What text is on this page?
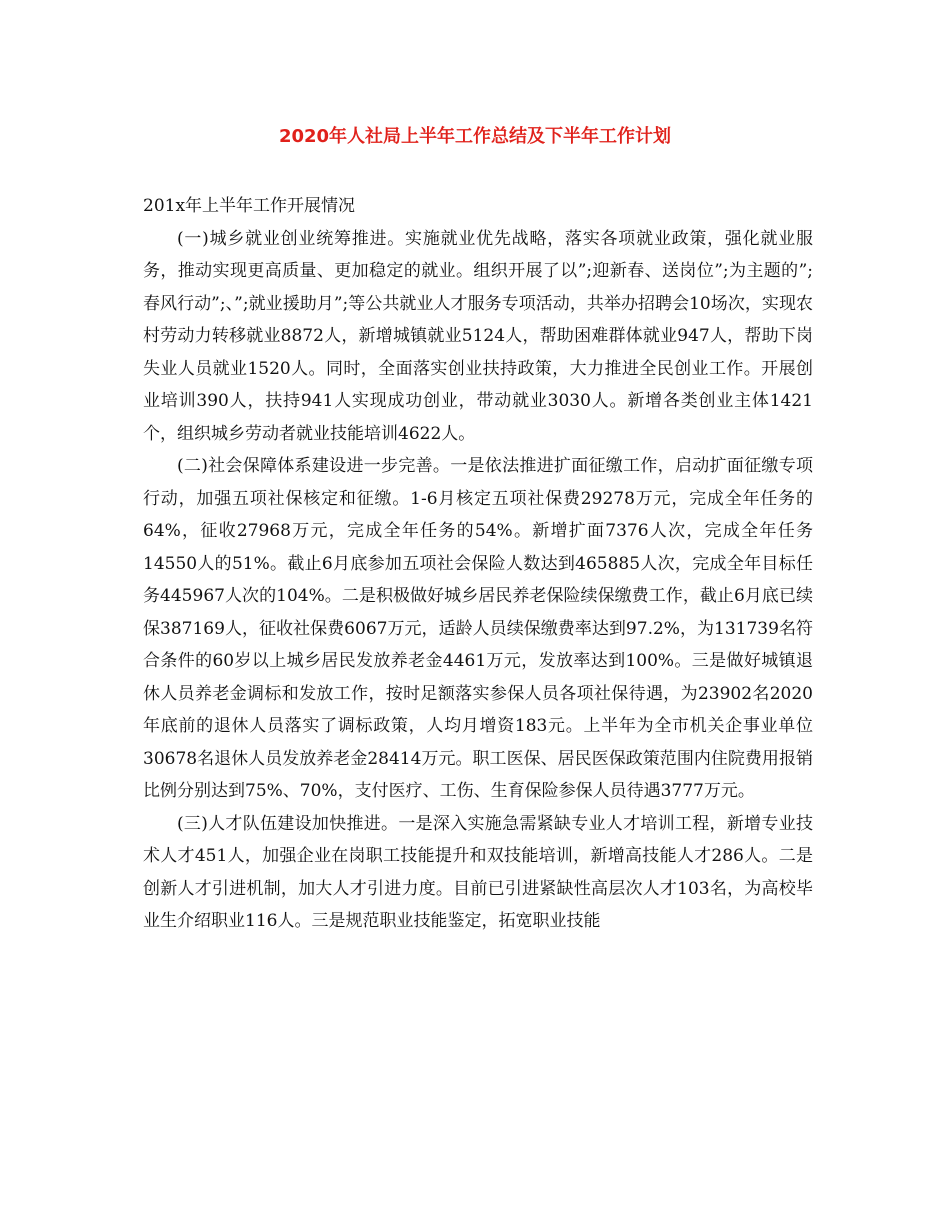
2020年人社局上半年工作总结及下半年工作计划

201x年上半年工作开展情况

(一)城乡就业创业统筹推进。实施就业优先战略，落实各项就业政策，强化就业服务，推动实现更高质量、更加稳定的就业。组织开展了以”;迎新春、送岗位”;为主题的”;春风行动”;、”;就业援助月”;等公共就业人才服务专项活动，共举办招聘会10场次，实现农村劳动力转移就业8872人，新增城镇就业5124人，帮助困难群体就业947人，帮助下岗失业人员就业1520人。同时，全面落实创业扶持政策，大力推进全民创业工作。开展创业培训390人，扶持941人实现成功创业，带动就业3030人。新增各类创业主体1421个，组织城乡劳动者就业技能培训4622人。

(二)社会保障体系建设进一步完善。一是依法推进扩面征缴工作，启动扩面征缴专项行动，加强五项社保核定和征缴。1-6月核定五项社保费29278万元，完成全年任务的64%，征收27968万元，完成全年任务的54%。新增扩面7376人次，完成全年任务14550人的51%。截止6月底参加五项社会保险人数达到465885人次，完成全年目标任务445967人次的104%。二是积极做好城乡居民养老保险续保缴费工作，截止6月底已续保387169人，征收社保费6067万元，适龄人员续保缴费率达到97.2%，为131739名符合条件的60岁以上城乡居民发放养老金4461万元，发放率达到100%。三是做好城镇退休人员养老金调标和发放工作，按时足额落实参保人员各项社保待遇，为23902名2020年底前的退休人员落实了调标政策，人均月增资183元。上半年为全市机关企事业单位30678名退休人员发放养老金28414万元。职工医保、居民医保政策范围内住院费用报销比例分别达到75%、70%，支付医疗、工伤、生育保险参保人员待遇3777万元。

(三)人才队伍建设加快推进。一是深入实施急需紧缺专业人才培训工程，新增专业技术人才451人，加强企业在岗职工技能提升和双技能培训，新增高技能人才286人。二是创新人才引进机制，加大人才引进力度。目前已引进紧缺性高层次人才103名，为高校毕业生介绍职业116人。三是规范职业技能鉴定，拓宽职业技能
